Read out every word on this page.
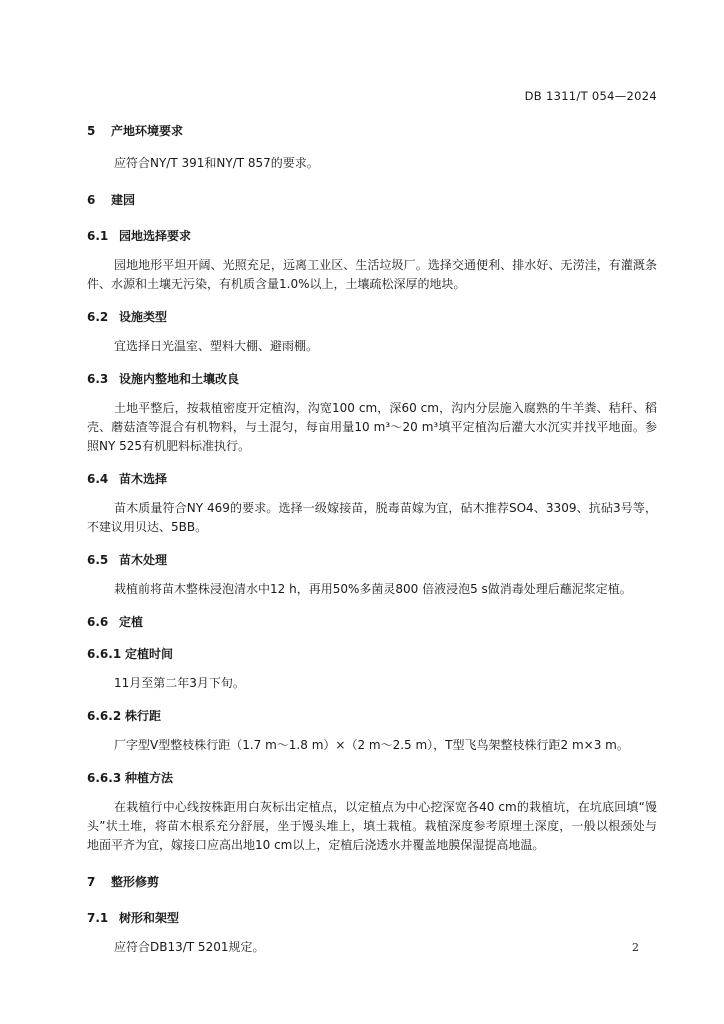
DB 1311/T 054—2024
5	产地环境要求

应符合NY/T 391和NY/T 857的要求。

6	建园
6.1 园地选择要求

园地地形平坦开阔、光照充足，远离工业区、生活垃圾厂。选择交通便利、排水好、无涝洼，有灌溉条件、水源和土壤无污染，有机质含量1.0%以上，土壤疏松深厚的地块。

6.2 设施类型

宜选择日光温室、塑料大棚、避雨棚。

6.3 设施内整地和土壤改良

土地平整后，按栽植密度开定植沟，沟宽100 cm，深60 cm，沟内分层施入腐熟的牛羊粪、秸秆、稻壳、蘑菇渣等混合有机物料，与土混匀，每亩用量10 m³～20 m³填平定植沟后灌大水沉实并找平地面。参照NY 525有机肥料标准执行。

6.4 苗木选择

苗木质量符合NY 469的要求。选择一级嫁接苗，脱毒苗嫁为宜，砧木推荐SO4、3309、抗砧3号等，不建议用贝达、5BB。

6.5 苗木处理

栽植前将苗木整株浸泡清水中12 h，再用50%多菌灵800 倍液浸泡5 s做消毒处理后蘸泥浆定植。

6.6 定植
6.6.1 定植时间

11月至第二年3月下旬。

6.6.2 株行距

厂字型V型整枝株行距（1.7 m～1.8 m）×（2 m～2.5 m），T型飞鸟架整枝株行距2 m×3 m。

6.6.3 种植方法

在栽植行中心线按株距用白灰标出定植点，以定植点为中心挖深宽各40 cm的栽植坑，在坑底回填“馒头”状土堆，将苗木根系充分舒展，坐于馒头堆上，填土栽植。栽植深度参考原埋土深度，一般以根颈处与地面平齐为宜，嫁接口应高出地10 cm以上，定植后浇透水并覆盖地膜保湿提高地温。

7	整形修剪
7.1 树形和架型

应符合DB13/T 5201规定。	2
